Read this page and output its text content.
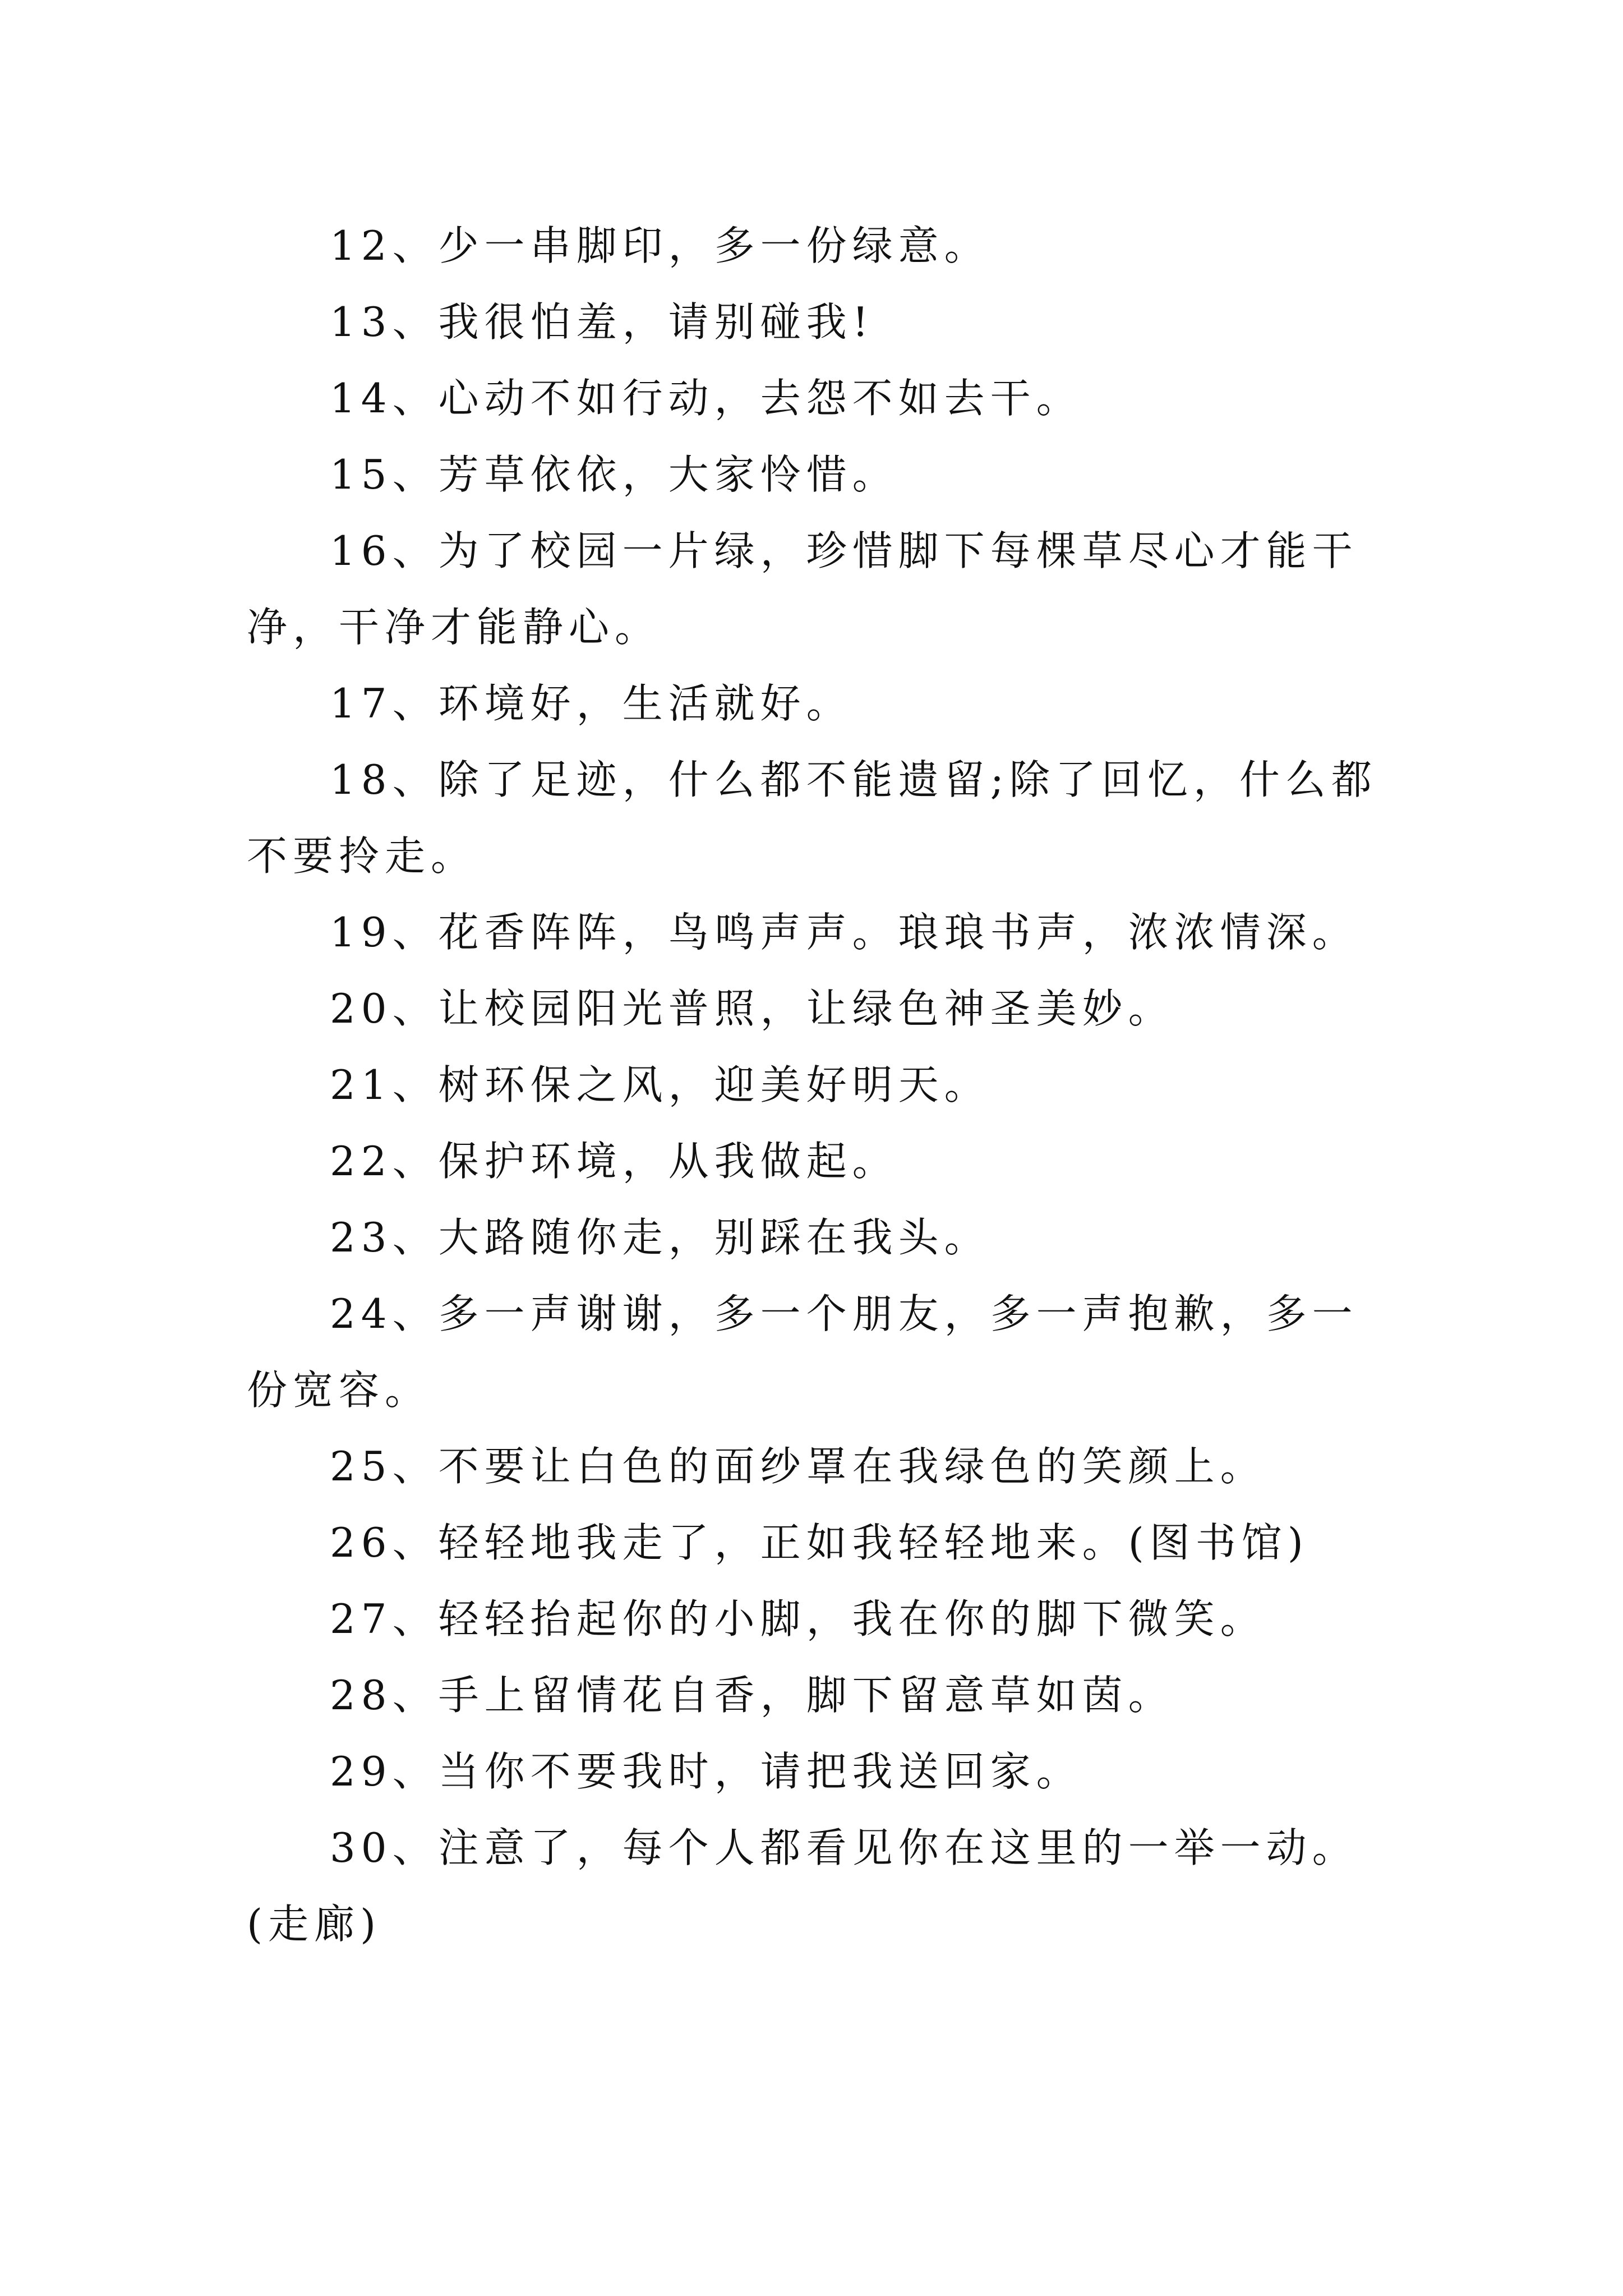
12、少一串脚印，多一份绿意。

13、我很怕羞，请别碰我!

14、心动不如行动，去怨不如去干。

15、芳草依依，大家怜惜。

16、为了校园一片绿，珍惜脚下每棵草尽心才能干净，干净才能静心。

17、环境好，生活就好。

18、除了足迹，什么都不能遗留;除了回忆，什么都不要拎走。

19、花香阵阵，鸟鸣声声。琅琅书声，浓浓情深。

20、让校园阳光普照，让绿色神圣美妙。

21、树环保之风，迎美好明天。

22、保护环境，从我做起。

23、大路随你走，别踩在我头。

24、多一声谢谢，多一个朋友，多一声抱歉，多一份宽容。

25、不要让白色的面纱罩在我绿色的笑颜上。

26、轻轻地我走了，正如我轻轻地来。(图书馆)

27、轻轻抬起你的小脚，我在你的脚下微笑。

28、手上留情花自香，脚下留意草如茵。

29、当你不要我时，请把我送回家。

30、注意了，每个人都看见你在这里的一举一动。(走廊)
